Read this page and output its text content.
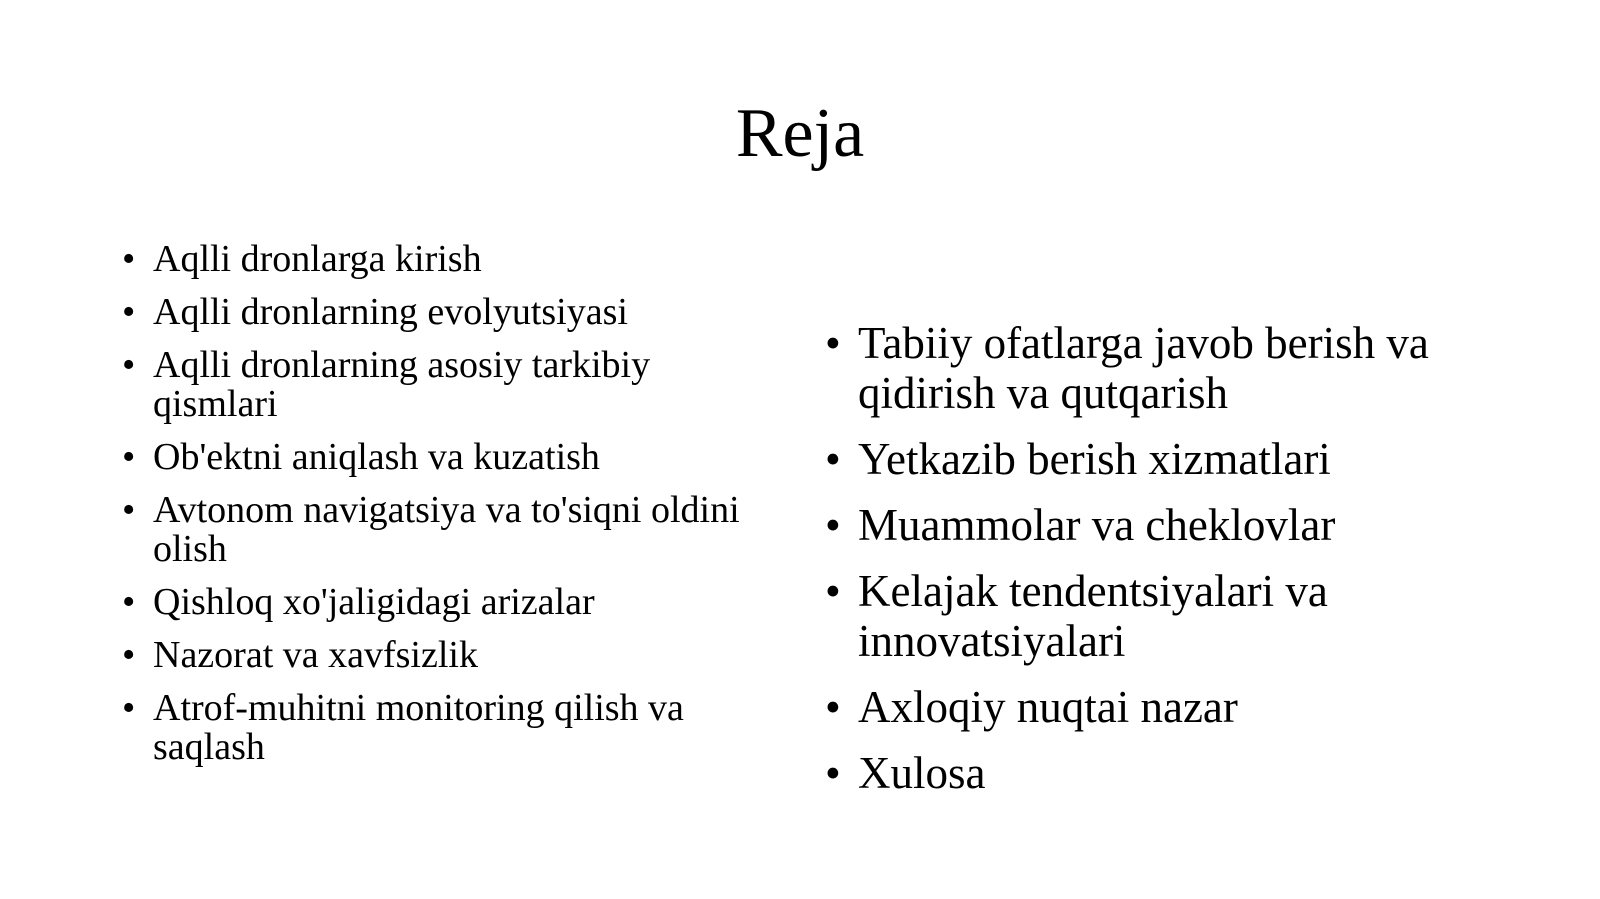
Reja
• Aqlli dronlarga kirish
• Aqlli dronlarning evolyutsiyasi
• Aqlli dronlarning asosiy tarkibiy qismlari
• Ob'ektni aniqlash va kuzatish
• Avtonom navigatsiya va to'siqni oldini olish
• Qishloq xo'jaligidagi arizalar
• Nazorat va xavfsizlik
• Atrof-muhitni monitoring qilish va saqlash
• Tabiiy ofatlarga javob berish va qidirish va qutqarish
• Yetkazib berish xizmatlari
• Muammolar va cheklovlar
• Kelajak tendentsiyalari va innovatsiyalari
• Axloqiy nuqtai nazar
• Xulosa
